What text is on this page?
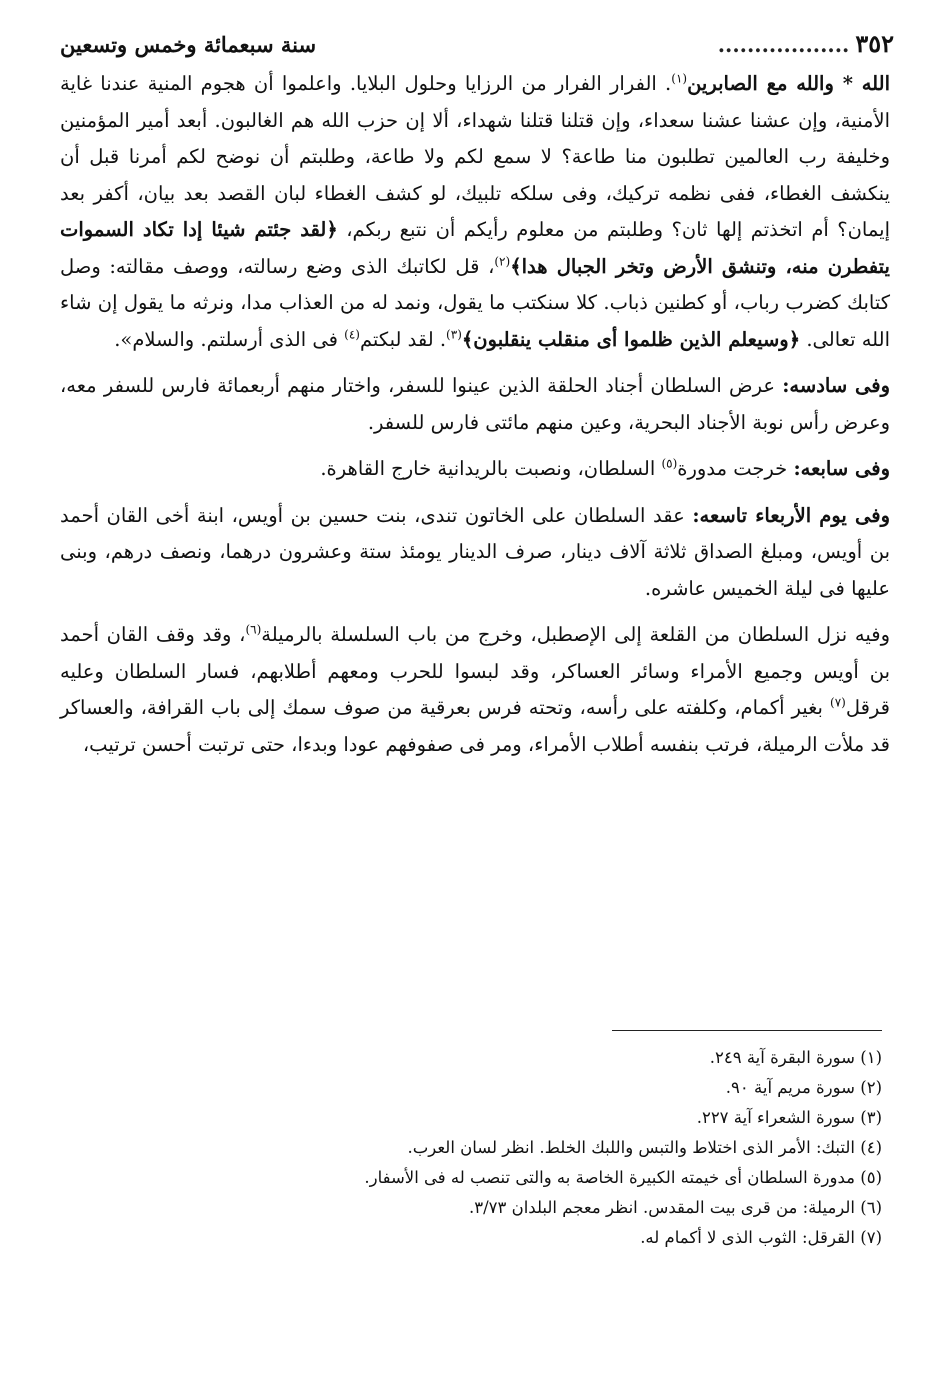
٣٥٢
..................
سنة سبعمائة وخمس وتسعين

الله * والله مع الصابرين$^{(١)}$. الفرار الفرار من الرزايا وحلول البلايا. واعلموا أن هجوم المنية عندنا غاية الأمنية، وإن عشنا عشنا سعداء، وإن قتلنا قتلنا شهداء، ألا إن حزب الله هم الغالبون. أبعد أمير المؤمنين وخليفة رب العالمين تطلبون منا طاعة؟ لا سمع لكم ولا طاعة، وطلبتم أن نوضح لكم أمرنا قبل أن ينكشف الغطاء، ففى نظمه تركيك، وفى سلكه تلبيك، لو كشف الغطاء لبان القصد بعد بيان، أكفر بعد إيمان؟ أم اتخذتم إلها ثان؟ وطلبتم من معلوم رأيكم أن نتبع ربكم، ﴿لقد جئتم شيئا إدا تكاد السموات يتفطرن منه، وتنشق الأرض وتخر الجبال هدا﴾$^{(٢)}$، قل لكاتبك الذى وضع رسالته، ووصف مقالته: وصل كتابك كضرب رباب، أو كطنين ذباب. كلا سنكتب ما يقول، ونمد له من العذاب مدا، ونرثه ما يقول إن شاء الله تعالى. ﴿وسيعلم الذين ظلموا أى منقلب ينقلبون﴾$^{(٣)}$. لقد لبكتم$^{(٤)}$ فى الذى أرسلتم. والسلام».

وفى سادسه: عرض السلطان أجناد الحلقة الذين عينوا للسفر، واختار منهم أربعمائة فارس للسفر معه، وعرض رأس نوبة الأجناد البحرية، وعين منهم مائتى فارس للسفر.

وفى سابعه: خرجت مدورة$^{(٥)}$ السلطان، ونصبت بالريدانية خارج القاهرة.

وفى يوم الأربعاء تاسعه: عقد السلطان على الخاتون تندى، بنت حسين بن أويس، ابنة أخى القان أحمد بن أويس، ومبلغ الصداق ثلاثة آلاف دينار، صرف الدينار يومئذ ستة وعشرون درهما، ونصف درهم، وبنى عليها فى ليلة الخميس عاشره.

وفيه نزل السلطان من القلعة إلى الإصطبل، وخرج من باب السلسلة بالرميلة$^{(٦)}$، وقد وقف القان أحمد بن أويس وجميع الأمراء وسائر العساكر، وقد لبسوا للحرب ومعهم أطلابهم، فسار السلطان وعليه قرقل$^{(٧)}$ بغير أكمام، وكلفته على رأسه، وتحته فرس بعرقية من صوف سمك إلى باب القرافة، والعساكر قد ملأت الرميلة، فرتب بنفسه أطلاب الأمراء، ومر فى صفوفهم عودا وبدءا، حتى ترتبت أحسن ترتيب،

(١) سورة البقرة آية ٢٤٩.

(٢) سورة مريم آية ٩٠.

(٣) سورة الشعراء آية ٢٢٧.

(٤) التبك: الأمر الذى اختلاط والتبس واللبك الخلط. انظر لسان العرب.

(٥) مدورة السلطان أى خيمته الكبيرة الخاصة به والتى تنصب له فى الأسفار.

(٦) الرميلة: من قرى بيت المقدس. انظر معجم البلدان ٣/٧٣.

(٧) القرقل: الثوب الذى لا أكمام له.
